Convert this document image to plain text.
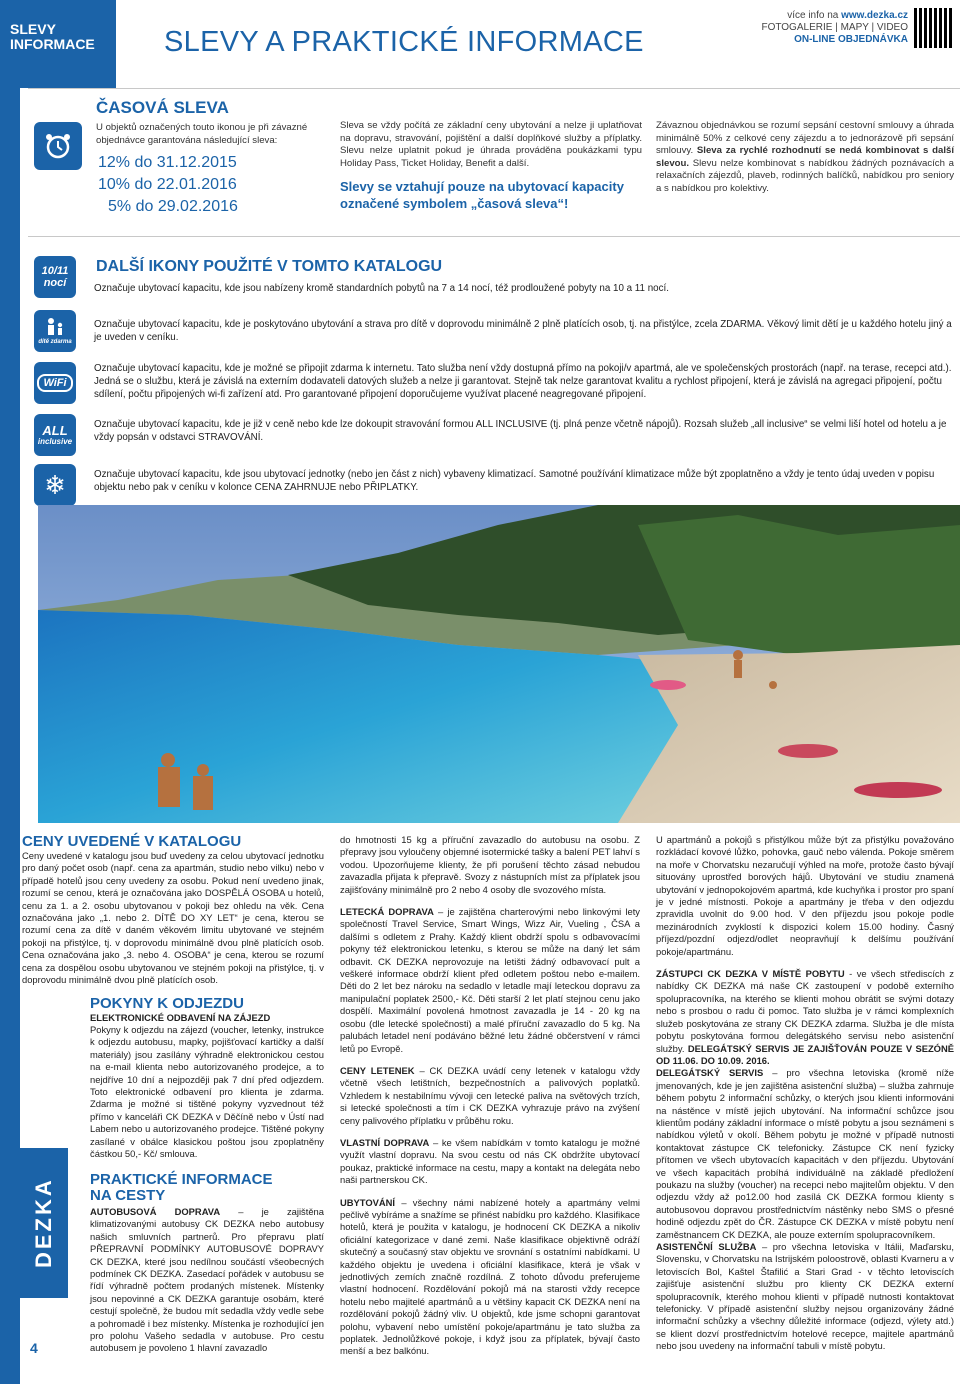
SLEVY INFORMACE	SLEVY A PRAKTICKÉ INFORMACE
více info na www.dezka.cz
FOTOGALERIE | MAPY | VIDEO
ON-LINE OBJEDNÁVKA
ČASOVÁ SLEVA
U objektů označených touto ikonou je při závazné objednávce garantována následující sleva:
12% do 31.12.2015
10% do 22.01.2016
5% do 29.02.2016
Sleva se vždy počítá ze základní ceny ubytování a nelze ji uplatňovat na dopravu, stravování, pojištění a další doplňkové služby a příplatky. Slevu nelze uplatnit pokud je úhrada prováděna poukázkami typu Holiday Pass, Ticket Holiday, Benefit a další.
Slevy se vztahují pouze na ubytovací kapacity označené symbolem „časová sleva“!
Závaznou objednávkou se rozumí sepsání cestovní smlouvy a úhrada minimálně 50% z celkové ceny zájezdu a to jednorázově při sepsání smlouvy. Sleva za rychlé rozhodnutí se nedá kombinovat s další slevou. Slevu nelze kombinovat s nabídkou žádných poznávacích a relaxačních zájezdů, plaveb, rodinných balíčků, nabídkou pro seniory a s nabídkou pro kolektivy.
DALŠÍ IKONY POUŽITÉ V TOMTO KATALOGU
10/11
nocí	Označuje ubytovací kapacitu, kde jsou nabízeny kromě standardních pobytů na 7 a 14 nocí, též prodloužené pobyty na 10 a 11 nocí.
dítě zdarma
Označuje ubytovací kapacitu, kde je poskytováno ubytování a strava pro dítě v doprovodu minimálně 2 plně platících osob, tj. na přistýlce, zcela ZDARMA. Věkový limit dětí je u každého hotelu jiný a je uveden v ceníku.
WiFi
Označuje ubytovací kapacitu, kde je možné se připojit zdarma k internetu. Tato služba není vždy dostupná přímo na pokoji/v apartmá, ale ve společenských prostorách (např. na terase, recepci atd.). Jedná se o službu, která je závislá na externím dodavateli datových služeb a nelze ji garantovat. Stejně tak nelze garantovat kvalitu a rychlost připojení, která je závislá na agregaci připojení, počtu sdílení, počtu připojených wi-fi zařízení atd. Pro garantované připojení doporučujeme využívat placené neagregované připojení.
ALL
inclusive
Označuje ubytovací kapacitu, kde je již v ceně nebo kde lze dokoupit stravování formou ALL INCLUSIVE (tj. plná penze včetně nápojů). Rozsah služeb „all inclusive“ se velmi liší hotel od hotelu a je vždy popsán v odstavci STRAVOVÁNÍ.
❄	Označuje ubytovací kapacitu, kde jsou ubytovací jednotky (nebo jen část z nich) vybaveny klimatizací. Samotné používání klimatizace může být zpoplatněno a vždy je tento údaj uveden v popisu objektu nebo pak v ceníku v kolonce CENA ZAHRNUJE nebo PŘIPLATKY.
CENY UVEDENÉ V KATALOGU
Ceny uvedené v katalogu jsou buď uvedeny za celou ubytovací jednotku pro daný počet osob (např. cena za apartmán, studio nebo vilku) nebo v případě hotelů jsou ceny uvedeny za osobu. Pokud není uvedeno jinak, rozumí se cenou, která je označována jako DOSPĚLÁ OSOBA u hotelů, cenu za 1. a 2. osobu ubytovanou v pokoji bez ohledu na věk. Cena označována jako „1. nebo 2. DÍTĚ DO XY LET“ je cena, kterou se rozumí cena za dítě v daném věkovém limitu ubytované ve stejném pokoji na přistýlce, tj. v doprovodu minimálně dvou plně platících osob. Cena označována jako „3. nebo 4. OSOBA“ je cena, kterou se rozumí cena za dospělou osobu ubytovanou ve stejném pokoji na přistýlce, tj. v doprovodu minimálně dvou plně platících osob.
POKYNY K ODJEZDU
ELEKTRONICKÉ ODBAVENÍ NA ZÁJEZD
Pokyny k odjezdu na zájezd (voucher, letenky, instrukce k odjezdu autobusu, mapky, pojišťovací kartičky a další materiály) jsou zasílány výhradně elektronickou cestou na e-mail klienta nebo autorizovaného prodejce, a to nejdříve 10 dní a nejpozději pak 7 dní před odjezdem. Toto elektronické odbavení pro klienta je zdarma. Zdarma je možné si tištěné pokyny vyzvednout též přímo v kanceláři CK DEZKA v Děčíně nebo v Ústí nad Labem nebo u autorizovaného prodejce. Tištěné pokyny zasílané v obálce klasickou poštou jsou zpoplatněny částkou 50,- Kč/ smlouva.
PRAKTICKÉ INFORMACE
NA CESTY
AUTOBUSOVÁ DOPRAVA – je zajištěna klimatizovanými autobusy CK DEZKA nebo autobusy našich smluvních partnerů. Pro přepravu platí PŘEPRAVNÍ PODMÍNKY AUTOBUSOVÉ DOPRAVY CK DEZKA, které jsou nedílnou součástí všeobecných podmínek CK DEZKA. Zasedací pořádek v autobusu se řídí výhradně počtem prodaných místenek. Místenky jsou nepovinné a CK DEZKA garantuje osobám, které cestují společně, že budou mít sedadla vždy vedle sebe a pohromadě i bez místenky. Místenka je rozhodující jen pro polohu Vašeho sedadla v autobuse. Pro cestu autobusem je povoleno 1 hlavní zavazadlo
DEZKA
4

do hmotnosti 15 kg a příruční zavazadlo do autobusu na osobu. Z přepravy jsou vyloučeny objemné isotermické tašky a balení PET lahví s vodou. Upozorňujeme klienty, že při porušení těchto zásad nebudou zavazadla přijata k přepravě. Svozy z nástupních míst za příplatek jsou zajišťovány minimálně pro 2 nebo 4 osoby dle svozového místa.

LETECKÁ DOPRAVA – je zajištěna charterovými nebo linkovými lety společností Travel Service, Smart Wings, Wizz Air, Vueling , ČSA a dalšími s odletem z Prahy. Každý klient obdrží spolu s odbavovacími pokyny též elektronickou letenku, s kterou se může na daný let sám odbavit. CK DEZKA neprovozuje na letišti žádný odbavovací pult a veškeré informace obdrží klient před odletem poštou nebo e-mailem. Děti do 2 let bez nároku na sedadlo v letadle mají leteckou dopravu za manipulační poplatek 2500,- Kč. Děti starší 2 let platí stejnou cenu jako dospělí. Maximální povolená hmotnost zavazadla je 14 - 20 kg na osobu (dle letecké společnosti) a malé příruční zavazadlo do 5 kg. Na palubách letadel není podáváno běžné letu žádné občerstvení v rámci letů po Evropě.

CENY LETENEK – CK DEZKA uvádí ceny letenek v katalogu vždy včetně všech letištních, bezpečnostních a palivových poplatků. Vzhledem k nestabilnímu vývoji cen letecké paliva na světových trzích, si letecké společnosti a tím i CK DEZKA vyhrazuje právo na zvýšení ceny palivového příplatku v průběhu roku.

VLASTNÍ DOPRAVA – ke všem nabídkám v tomto katalogu je možné využít vlastní dopravu. Na svou cestu od nás CK obdržíte ubytovací poukaz, praktické informace na cestu, mapy a kontakt na delegáta nebo naši partnerskou CK.

UBYTOVÁNÍ – všechny námi nabízené hotely a apartmány velmi pečlivě vybíráme a snažíme se přinést nabídku pro každého. Klasifikace hotelů, která je použita v katalogu, je hodnocení CK DEZKA a nikoliv oficiální kategorizace v dané zemi. Naše klasifikace objektivně odráží skutečný a současný stav objektu ve srovnání s ostatními nabídkami. U každého objektu je uvedena i oficiální klasifikace, která je však v jednotlivých zemích značně rozdílná. Z tohoto důvodu preferujeme vlastní hodnocení. Rozdělování pokojů má na starosti vždy recepce hotelu nebo majitelé apartmánů a u většiny kapacit CK DEZKA není na rozdělování pokojů žádný vliv. U objektů, kde jsme schopni garantovat polohu, vybavení nebo umístění pokoje/apartmánu je tato služba za poplatek. Jednolůžkové pokoje, i když jsou za příplatek, bývají často menší a bez balkónu.

U apartmánů a pokojů s přistýlkou může být za přistýlku považováno rozkládací kovové lůžko, pohovka, gauč nebo válenda. Pokoje směrem na moře v Chorvatsku nezaručují výhled na moře, protože často bývají situovány uprostřed borových hájů. Ubytování ve studiu znamená ubytování v jednopokojovém apartmá, kde kuchyňka i prostor pro spaní je v jedné místnosti. Pokoje a apartmány je třeba v den odjezdu zpravidla uvolnit do 9.00 hod. V den příjezdu jsou pokoje podle mezinárodních zvyklostí k dispozici kolem 15.00 hodiny. Časný příjezd/pozdní odjezd/odlet neopravňují k delšímu používání pokoje/apartmánu.

ZÁSTUPCI CK DEZKA V MÍSTĚ POBYTU - ve všech střediscích z nabídky CK DEZKA má naše CK zastoupení v podobě externího spolupracovníka, na kterého se klienti mohou obrátit se svými dotazy nebo s prosbou o radu či pomoc. Tato služba je v rámci komplexních služeb poskytována ze strany CK DEZKA zdarma. Služba je dle místa pobytu poskytována formou delegátského servisu nebo asistenční služby. DELEGÁTSKÝ SERVIS JE ZAJIŠŤOVÁN POUZE V SEZÓNĚ OD 11.06. DO 10.09. 2016.

DELEGÁTSKÝ SERVIS – pro všechna letoviska (kromě níže jmenovaných, kde je jen zajištěna asistenční služba) – služba zahrnuje během pobytu 2 informační schůzky, o kterých jsou klienti informováni na nástěnce v místě jejich ubytování. Na informační schůzce jsou klientům podány základní informace o místě pobytu a jsou seznámeni s nabídkou výletů v okolí. Během pobytu je možné v případě nutnosti kontaktovat zástupce CK telefonicky. Zástupce CK není fyzicky přítomen ve všech ubytovacích kapacitách v den příjezdu. Ubytování ve všech kapacitách probíhá individuálně na základě předložení poukazu na služby (voucher) na recepci nebo majitelům objektu. V den odjezdu vždy až po12.00 hod zasílá CK DEZKA formou klienty s autobusovou dopravou prostřednictvím nástěnky nebo SMS o přesné hodině odjezdu zpět do ČR. Zástupce CK DEZKA v místě pobytu není zaměstnancem CK DEZKA, ale pouze externím spolupracovníkem.

ASISTENČNÍ SLUŽBA – pro všechna letoviska v Itálii, Maďarsku, Slovensku, v Chorvatsku na Istrijském poloostrově, oblasti Kvarneru a v letoviscích Bol, Kaštel Štafilić a Stari Grad - v těchto letoviscích zajišťuje asistenční službu pro klienty CK DEZKA externí spolupracovník, kterého mohou klienti v případě nutnosti kontaktovat telefonicky. V případě asistenční služby nejsou organizovány žádné informační schůzky a všechny důležité informace (odjezd, výlety atd.) se klient dozví prostřednictvím hotelové recepce, majitele apartmánů nebo jsou uvedeny na informační tabuli v místě pobytu.
